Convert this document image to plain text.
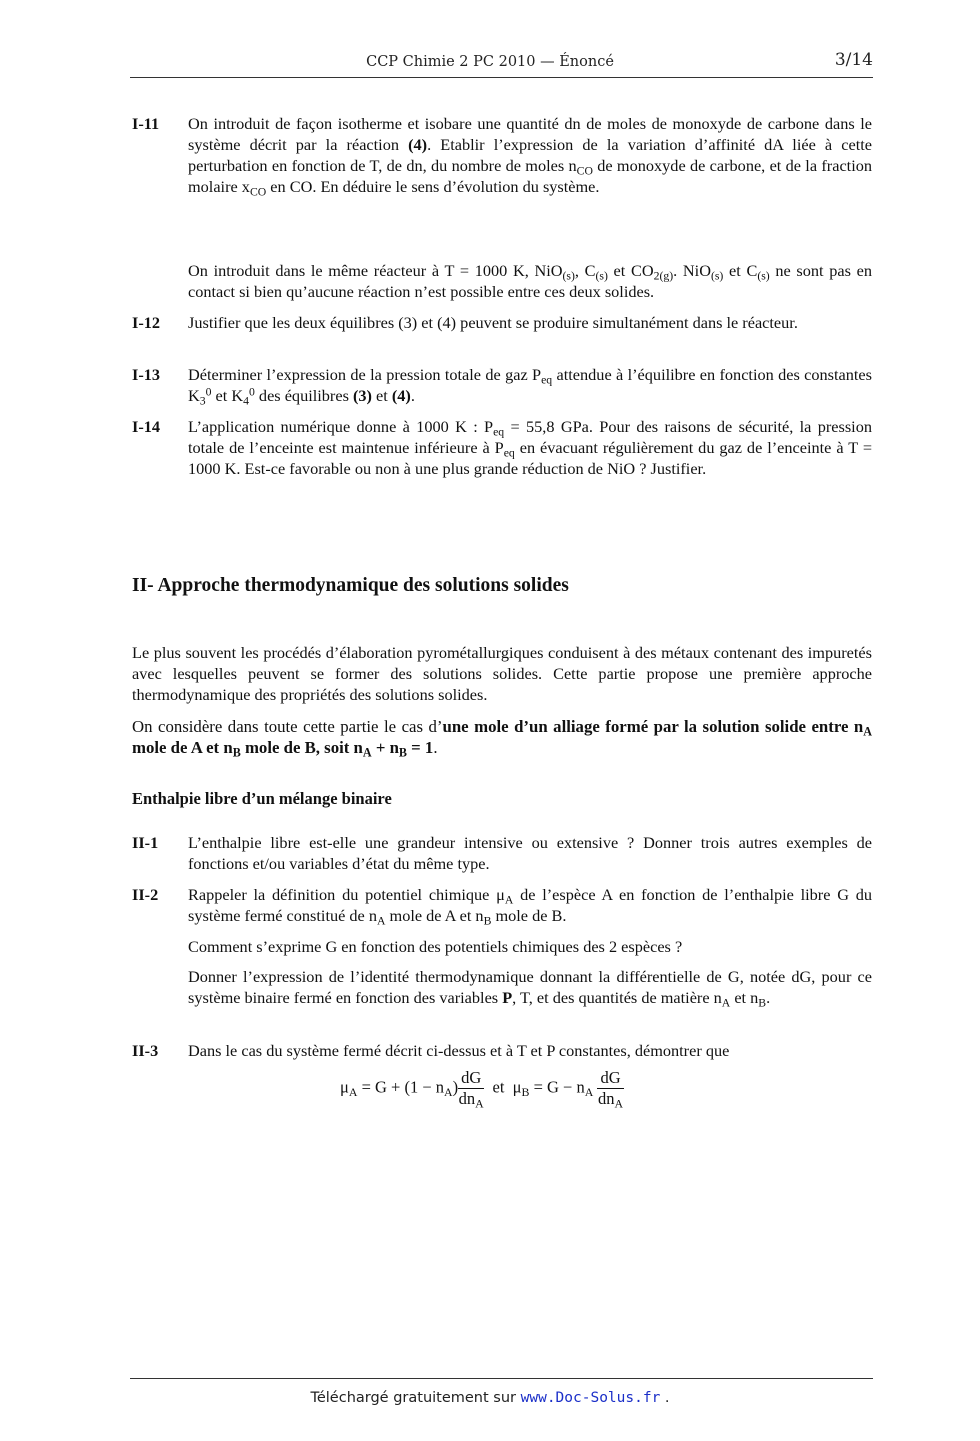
CCP Chimie 2 PC 2010 — Énoncé	3/14
I-11 On introduit de façon isotherme et isobare une quantité dn de moles de monoxyde de carbone dans le système décrit par la réaction (4). Etablir l’expression de la variation d’affinité dA liée à cette perturbation en fonction de T, de dn, du nombre de moles $n_{CO}$ de monoxyde de carbone, et de la fraction molaire $x_{CO}$ en CO. En déduire le sens d’évolution du système.
On introduit dans le même réacteur à T = 1000 K, NiO$_{(s)}$, $C_{(s)}$ et $CO_{2(g)}$. NiO$_{(s)}$ et $C_{(s)}$ ne sont pas en contact si bien qu’aucune réaction n’est possible entre ces deux solides.
I-12 Justifier que les deux équilibres (3) et (4) peuvent se produire simultanément dans le réacteur.
I-13 Déterminer l’expression de la pression totale de gaz $P_{eq}$ attendue à l’équilibre en fonction des constantes $K_3^0$ et $K_4^0$ des équilibres (3) et (4).
I-14 L’application numérique donne à 1000 K : $P_{eq} = 55,8$ GPa. Pour des raisons de sécurité, la pression totale de l’enceinte est maintenue inférieure à $P_{eq}$ en évacuant régulièrement du gaz de l’enceinte à T = 1000 K. Est-ce favorable ou non à une plus grande réduction de NiO ? Justifier.
II- Approche thermodynamique des solutions solides
Le plus souvent les procédés d’élaboration pyrométallurgiques conduisent à des métaux contenant des impuretés avec lesquelles peuvent se former des solutions solides. Cette partie propose une première approche thermodynamique des propriétés des solutions solides.
On considère dans toute cette partie le cas d’une mole d’un alliage formé par la solution solide entre $n_A$ mole de A et $n_B$ mole de B, soit $n_A + n_B = 1$.
Enthalpie libre d’un mélange binaire
II-1 L’enthalpie libre est-elle une grandeur intensive ou extensive ? Donner trois autres exemples de fonctions et/ou variables d’état du même type.
II-2 Rappeler la définition du potentiel chimique $\mu_A$ de l’espèce A en fonction de l’enthalpie libre G du système fermé constitué de $n_A$ mole de A et $n_B$ mole de B.
Comment s’exprime G en fonction des potentiels chimiques des 2 espèces ?
Donner l’expression de l’identité thermodynamique donnant la différentielle de G, notée dG, pour ce système binaire fermé en fonction des variables P, T, et des quantités de matière $n_A$ et $n_B$.
II-3 Dans le cas du système fermé décrit ci-dessus et à T et P constantes, démontrer que
$\mu_A = G + (1 - n_A) \frac{dG}{dn_A}$ et  $\mu_B = G - n_A \frac{dG}{dn_A}$
Téléchargé gratuitement sur www.Doc-Solus.fr .
